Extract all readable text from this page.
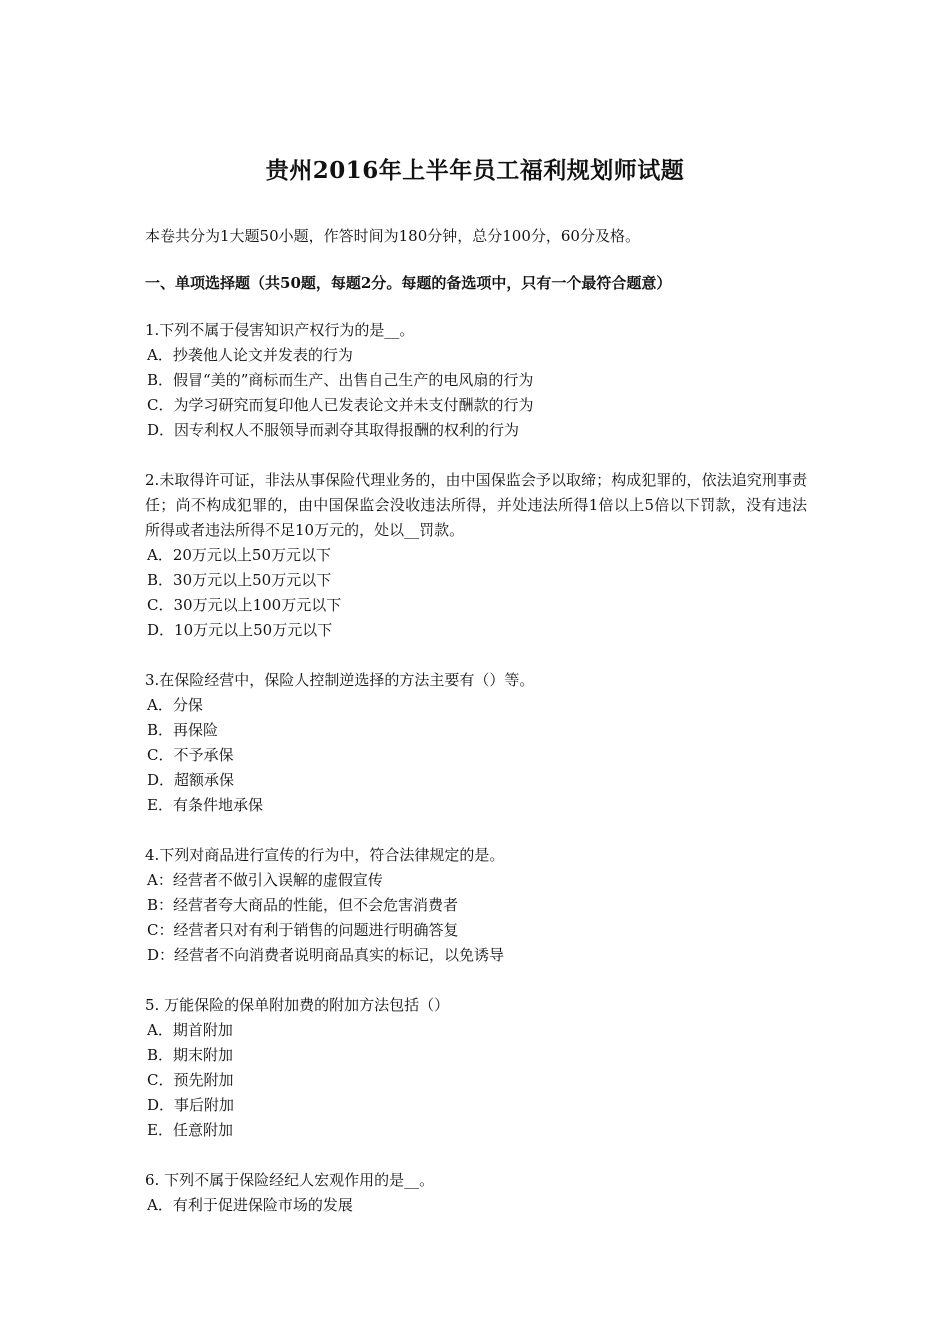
贵州2016年上半年员工福利规划师试题
本卷共分为1大题50小题，作答时间为180分钟，总分100分，60分及格。
一、单项选择题（共50题，每题2分。每题的备选项中，只有一个最符合题意）
1.下列不属于侵害知识产权行为的是__。
A．抄袭他人论文并发表的行为
B．假冒“美的”商标而生产、出售自己生产的电风扇的行为
C．为学习研究而复印他人已发表论文并未支付酬款的行为
D．因专利权人不服领导而剥夺其取得报酬的权利的行为
2.未取得许可证，非法从事保险代理业务的，由中国保监会予以取缔；构成犯罪的，依法追究刑事责任；尚不构成犯罪的，由中国保监会没收违法所得，并处违法所得1倍以上5倍以下罚款，没有违法所得或者违法所得不足10万元的，处以__罚款。
A．20万元以上50万元以下
B．30万元以上50万元以下
C．30万元以上100万元以下
D．10万元以上50万元以下
3.在保险经营中，保险人控制逆选择的方法主要有（）等。
A．分保
B．再保险
C．不予承保
D．超额承保
E．有条件地承保
4.下列对商品进行宣传的行为中，符合法律规定的是。
A：经营者不做引入误解的虚假宣传
B：经营者夸大商品的性能，但不会危害消费者
C：经营者只对有利于销售的问题进行明确答复
D：经营者不向消费者说明商品真实的标记，以免诱导
5. 万能保险的保单附加费的附加方法包括（）
A．期首附加
B．期末附加
C．预先附加
D．事后附加
E．任意附加
6. 下列不属于保险经纪人宏观作用的是__。
A．有利于促进保险市场的发展
